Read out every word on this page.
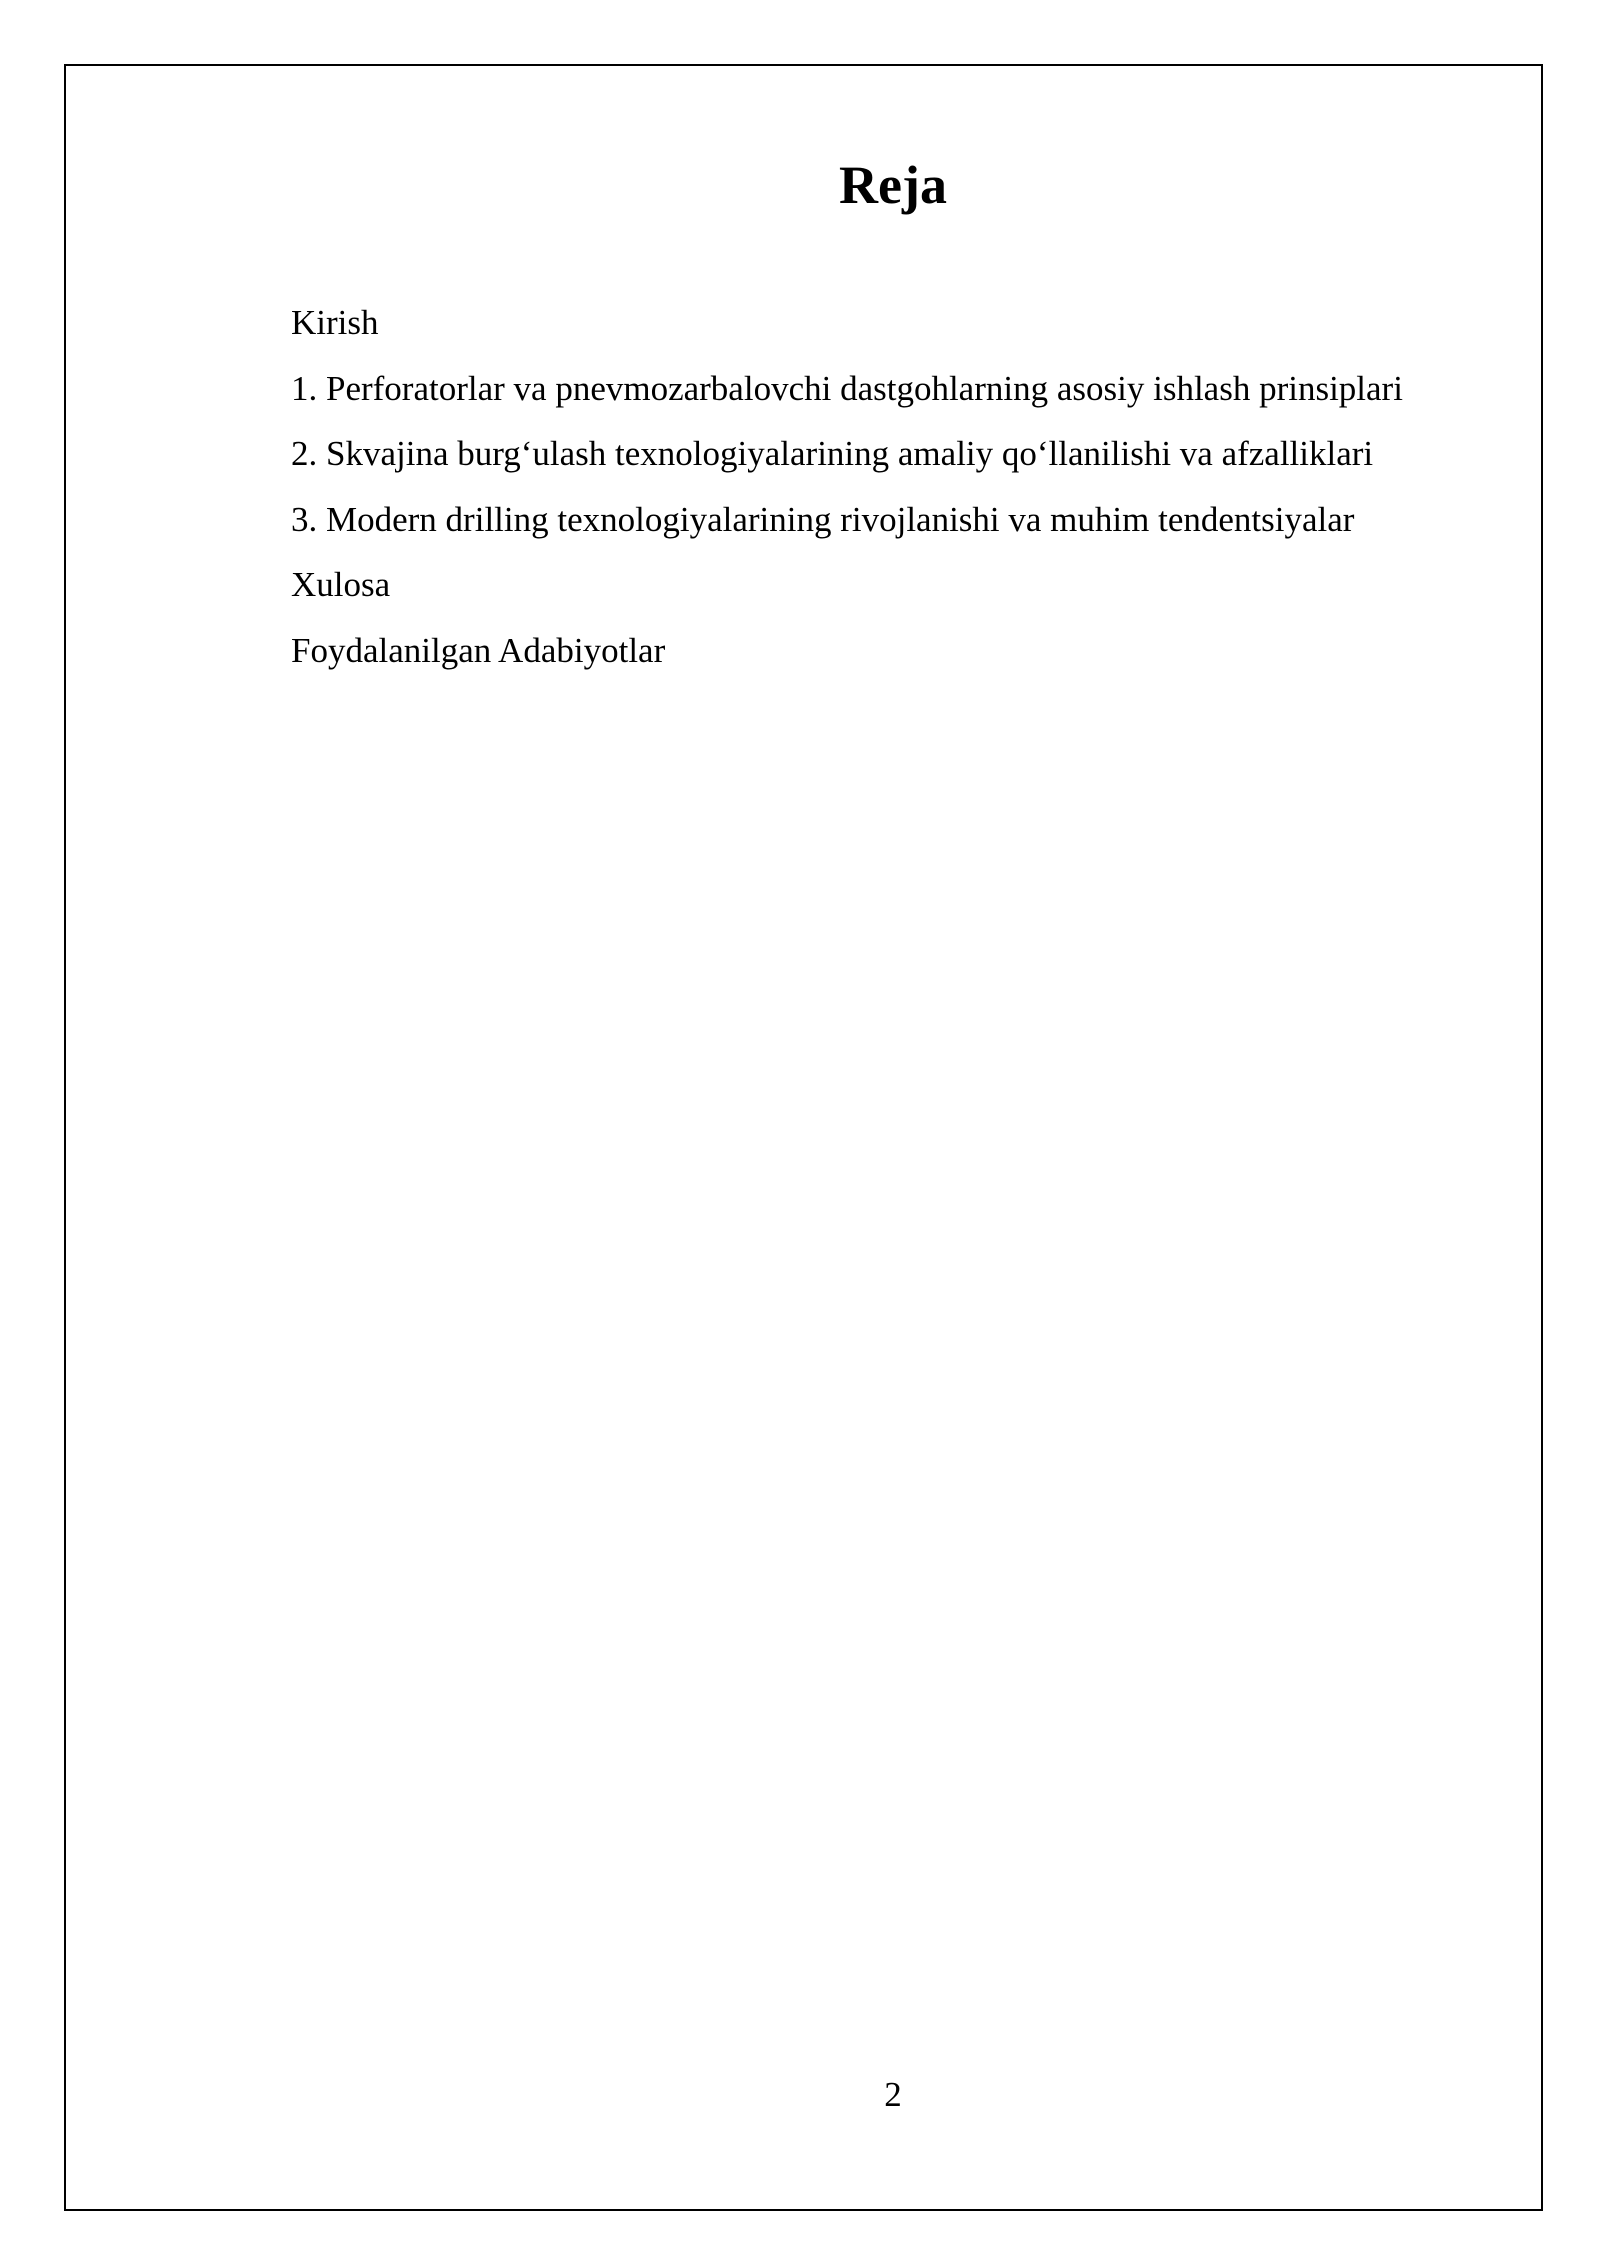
Reja
Kirish
1. Perforatorlar va pnevmozarbalovchi dastgohlarning asosiy ishlash prinsiplari
2. Skvajina burg‘ulash texnologiyalarining amaliy qo‘llanilishi va afzalliklari
3. Modern drilling texnologiyalarining rivojlanishi va muhim tendentsiyalar
Xulosa
Foydalanilgan Adabiyotlar
2
